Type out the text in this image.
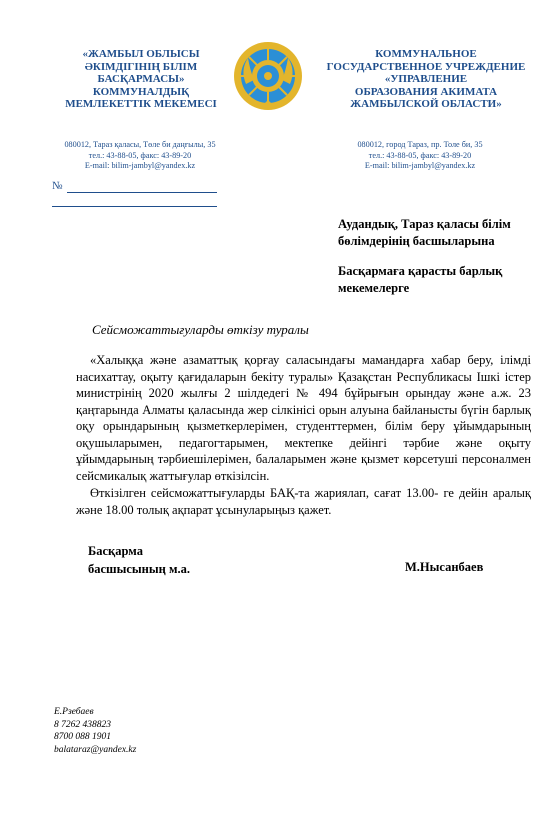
«ЖАМБЫЛ ОБЛЫСЫ
ӘКІМДІГІНІҢ БІЛІМ
БАСҚАРМАСЫ»
КОММУНАЛДЫҚ
МЕМЛЕКЕТТІК МЕКЕМЕСІ
КОММУНАЛЬНОЕ
ГОСУДАРСТВЕННОЕ УЧРЕЖДЕНИЕ
«УПРАВЛЕНИЕ
ОБРАЗОВАНИЯ АКИМАТА
ЖАМБЫЛСКОЙ ОБЛАСТИ»
080012, Тараз қаласы, Төле би даңғылы, 35
тел.: 43-88-05, факс: 43-89-20
E-mail: bilim-jambyl@yandex.kz
080012, город Тараз, пр. Толе би, 35
тел.: 43-88-05, факс: 43-89-20
E-mail: bilim-jambyl@yandex.kz
№
Аудандық, Тараз қаласы білім бөлімдерінің басшыларына
Басқармаға қарасты барлық мекемелерге
Сейсможаттығуларды өткізу туралы
«Халыққа және азаматтық қорғау саласындағы мамандарға хабар беру, ілімді насихаттау, оқыту қағидаларын бекіту туралы» Қазақстан Республикасы Ішкі істер министрінің 2020 жылғы 2 шілдедегі № 494 бұйрығын орындау және а.ж. 23 қаңтарында Алматы қаласында жер сілкінісі орын алуына байланысты бүгін барлық оқу орындарының қызметкерлерімен, студенттермен, білім беру ұйымдарының оқушыларымен, педагогтарымен, мектепке дейінгі тәрбие және оқыту ұйымдарының тәрбиешілерімен, балаларымен және қызмет көрсетуші персоналмен сейсмикалық жаттығулар өткізілсін.
Өткізілген сейсможаттығуларды БАҚ-та жариялап, сағат 13.00- ге дейін аралық және 18.00 толық ақпарат ұсынуларыңыз қажет.
Басқарма
басшысының м.а.	М.Нысанбаев
Е.Рзебаев
8 7262 438823
8700 088 1901
balataraz@yandex.kz
